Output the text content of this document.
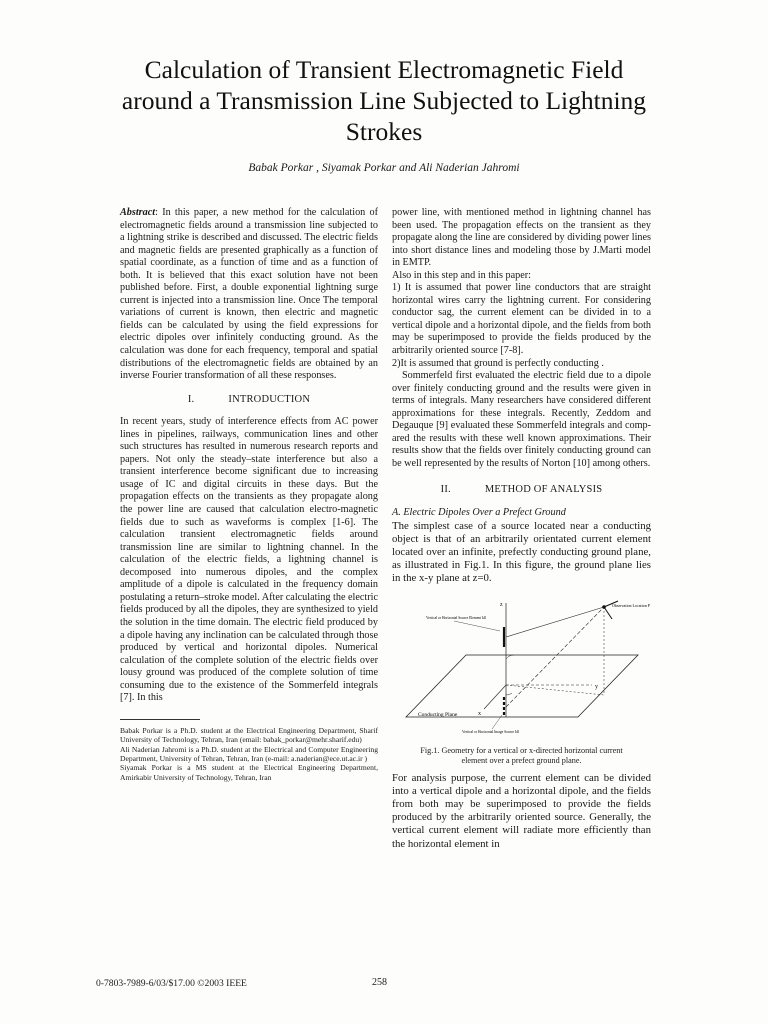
Calculation of Transient Electromagnetic Field
around a Transmission Line Subjected to Lightning
Strokes
Babak Porkar , Siyamak Porkar and Ali Naderian Jahromi

Abstract: In this paper, a new method for the calculation of electromagnetic fields around a transmission line subjected to a lightning strike is described and discussed. The electric fields and magnetic fields are presented graphically as a function of spatial coordinate, as a function of time and as a function of both. It is believed that this exact solution have not been published before. First, a double exponential lightning surge current is injected into a transmission line. Once The temporal variations of current is known, then electric and magnetic fields can be calculated by using the field expressions for electric dipoles over infinitely conducting ground. As the calculation was done for each frequency, temporal and spatial distributions of the electromagnetic fields are obtained by an inverse Fourier transformation of all these responses.

I.	INTRODUCTION

In recent years, study of interference effects from AC power lines in pipelines, railways, communication lines and other such structures has resulted in numerous research reports and papers. Not only the steady–state interference but also a transient interference become significant due to increasing usage of IC and digital circuits in these days. But the propagation effects on the transients as they propagate along the power line are caused that calculation electro-magnetic fields due to such as waveforms is complex [1-6]. The calculation transient electromagnetic fields around transmission line are similar to lightning channel. In the calculation of the electric fields, a lightning channel is decomposed into numerous dipoles, and the complex amplitude of a dipole is calculated in the frequency domain postulating a return–stroke model. After calculating the electric fields produced by all the dipoles, they are synthesized to yield the solution in the time domain. The electric field produced by a dipole having any inclination can be calculated through those produced by vertical and horizontal dipoles. Numerical calculation of the complete solution of the electric fields over lousy ground was produced of the complete solution of time consuming due to the existence of the Sommerfeld integrals [7]. In this

Babak Porkar is a Ph.D. student at the Electrical Engineering Department, Sharif University of Technology, Tehran, Iran (email: babak_porkar@mehr.sharif.edu)

Ali Naderian Jahromi is a Ph.D. student at the Electrical and Computer Engineering Department, University of Tehran, Tehran, Iran (e-mail: a.naderian@ece.ut.ac.ir )

Siyamak Porkar is a MS student at the Electrical Engineering Department, Amirkabir University of Technology, Tehran, Iran

power line, with mentioned method in lightning channel has been used. The propagation effects on the transient as they propagate along the line are considered by dividing power lines into short distance lines and modeling those by J.Marti model in EMTP.

Also in this step and in this paper:

1) It is assumed that power line conductors that are straight horizontal wires carry the lightning current. For considering conductor sag, the current element can be divided in to a vertical dipole and a horizontal dipole, and the fields from both may be superimposed to provide the fields produced by the arbitrarily oriented source [7-8].

2)It is assumed that ground is perfectly conducting .

Sommerfeld first evaluated the electric field due to a dipole over finitely conducting ground and the results were given in terms of integrals. Many researchers have considered different approximations for these integrals. Recently, Zeddom and Degauque [9] evaluated these Sommerfeld integrals and comp-ared the results with these well known approximations. Their results show that the fields over finitely conducting ground can be well represented by the results of Norton [10] among others.

II.	METHOD OF ANALYSIS

A. Electric Dipoles Over a Prefect Ground

The simplest case of a source located near a conducting object is that of an arbitrarily orientated current element located over an infinite, prefectly conducting ground plane, as illustrated in Fig.1. In this figure, the ground plane lies in the x-y plane at z=0.

z
y
x
Observation Location P
Vertical or Horizontal Source Element Idl
Conducting Plane
Vertical or Horizontal Image Source Idl

Fig.1. Geometry for a vertical or x-directed horizontal current

element over a prefect ground plane.

For analysis purpose, the current element can be divided into a vertical dipole and a horizontal dipole, and the fields from both may be superimposed to provide the fields produced by the arbitrarily oriented source. Generally, the vertical current element will radiate more efficiently than the horizontal element in

0-7803-7989-6/03/$17.00 ©2003 IEEE	258
